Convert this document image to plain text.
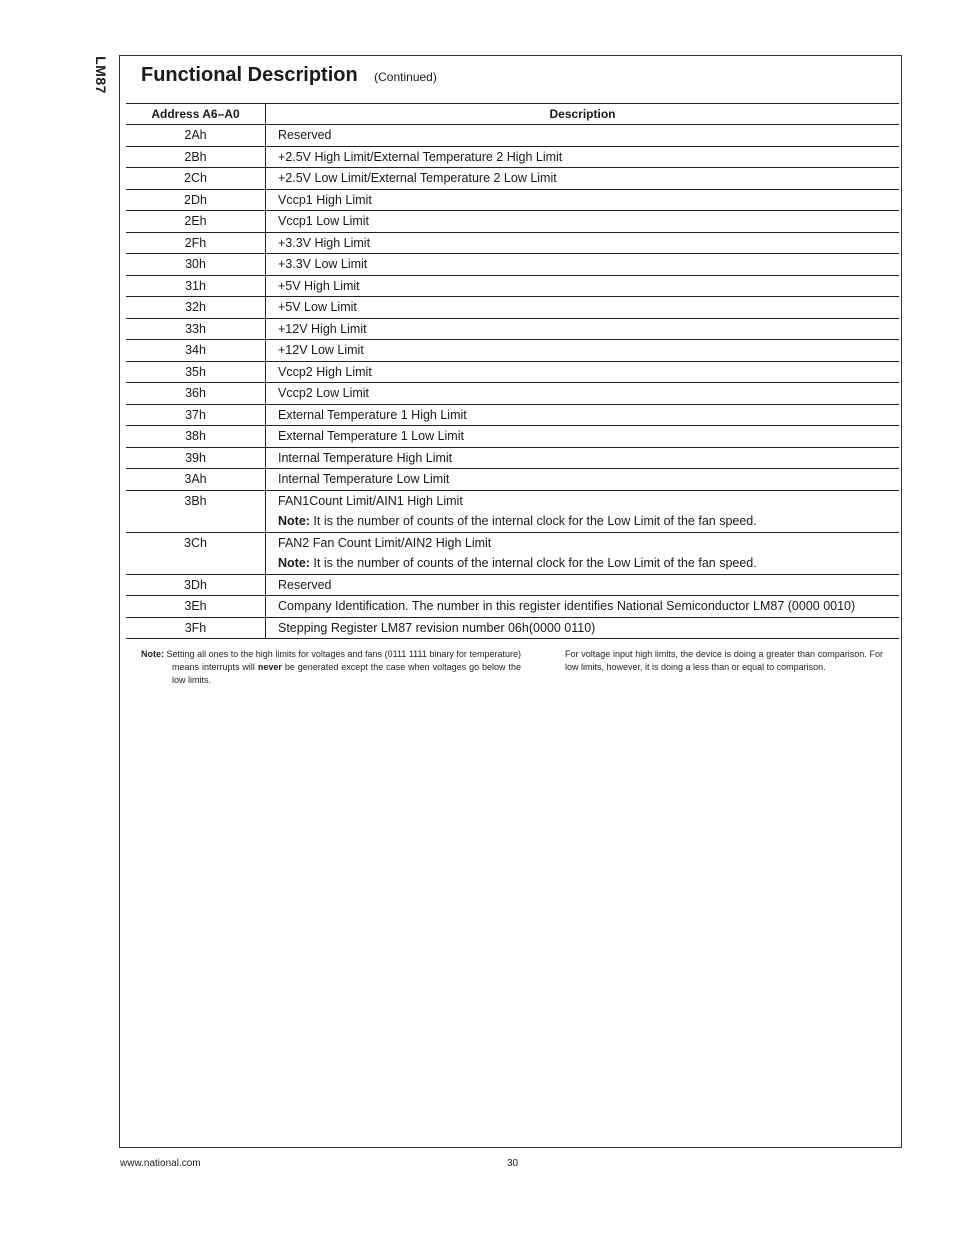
LM87 Functional Description (Continued)
Address A6–A0	Description
2Ah	Reserved

2Bh	+2.5V High Limit/External Temperature 2 High Limit

2Ch	+2.5V Low Limit/External Temperature 2 Low Limit

2Dh	Vccp1 High Limit

2Eh	Vccp1 Low Limit

2Fh	+3.3V High Limit

30h	+3.3V Low Limit

31h	+5V High Limit

32h	+5V Low Limit

33h	+12V High Limit

34h	+12V Low Limit

35h	Vccp2 High Limit

36h	Vccp2 Low Limit

37h	External Temperature 1 High Limit

38h	External Temperature 1 Low Limit

39h	Internal Temperature High Limit

3Ah	Internal Temperature Low Limit

3Bh	FAN1Count Limit/AIN1 High Limit
Note: It is the number of counts of the internal clock for the Low Limit of the fan speed.

3Ch	FAN2 Fan Count Limit/AIN2 High Limit
Note: It is the number of counts of the internal clock for the Low Limit of the fan speed.

3Dh	Reserved

3Eh	Company Identification. The number in this register identifies National Semiconductor LM87 (0000 0010)

3Fh	Stepping Register LM87 revision number 06h(0000 0110)
Note: Setting all ones to the high limits for voltages and fans (0111 1111 binary for temperature) means interrupts will never be generated except the case when voltages go below the low limits.
For voltage input high limits, the device is doing a greater than comparison. For low limits, however, it is doing a less than or equal to comparison.
www.national.com	30
